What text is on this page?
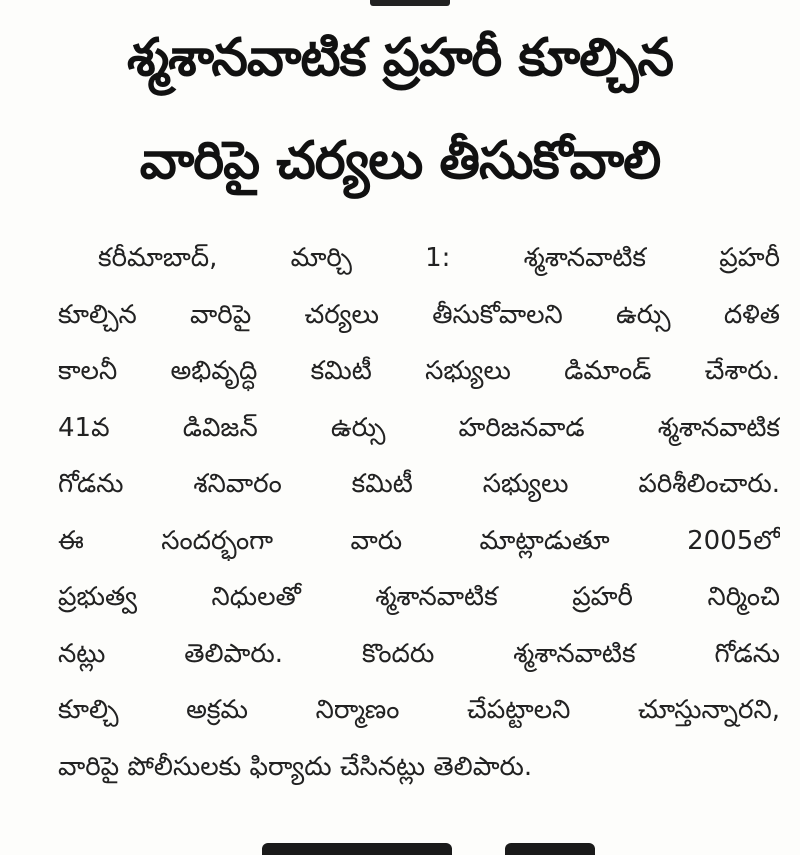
శ్మశానవాటిక ప్రహరీ కూల్చిన
వారిపై చర్యలు తీసుకోవాలి
కరీమాబాద్, మార్చి 1: శ్మశానవాటిక ప్రహరీ
కూల్చిన వారిపై చర్యలు తీసుకోవాలని ఉర్సు దళిత
కాలనీ అభివృద్ధి కమిటీ సభ్యులు డిమాండ్ చేశారు.
41వ డివిజన్ ఉర్సు హరిజనవాడ శ్మశానవాటిక
గోడను శనివారం కమిటీ సభ్యులు పరిశీలించారు.
ఈ సందర్భంగా వారు మాట్లాడుతూ 2005లో
ప్రభుత్వ నిధులతో శ్మశానవాటిక ప్రహరీ నిర్మించి
నట్లు తెలిపారు. కొందరు శ్మశానవాటిక గోడను
కూల్చి అక్రమ నిర్మాణం చేపట్టాలని చూస్తున్నారని,
వారిపై పోలీసులకు ఫిర్యాదు చేసినట్లు తెలిపారు.
